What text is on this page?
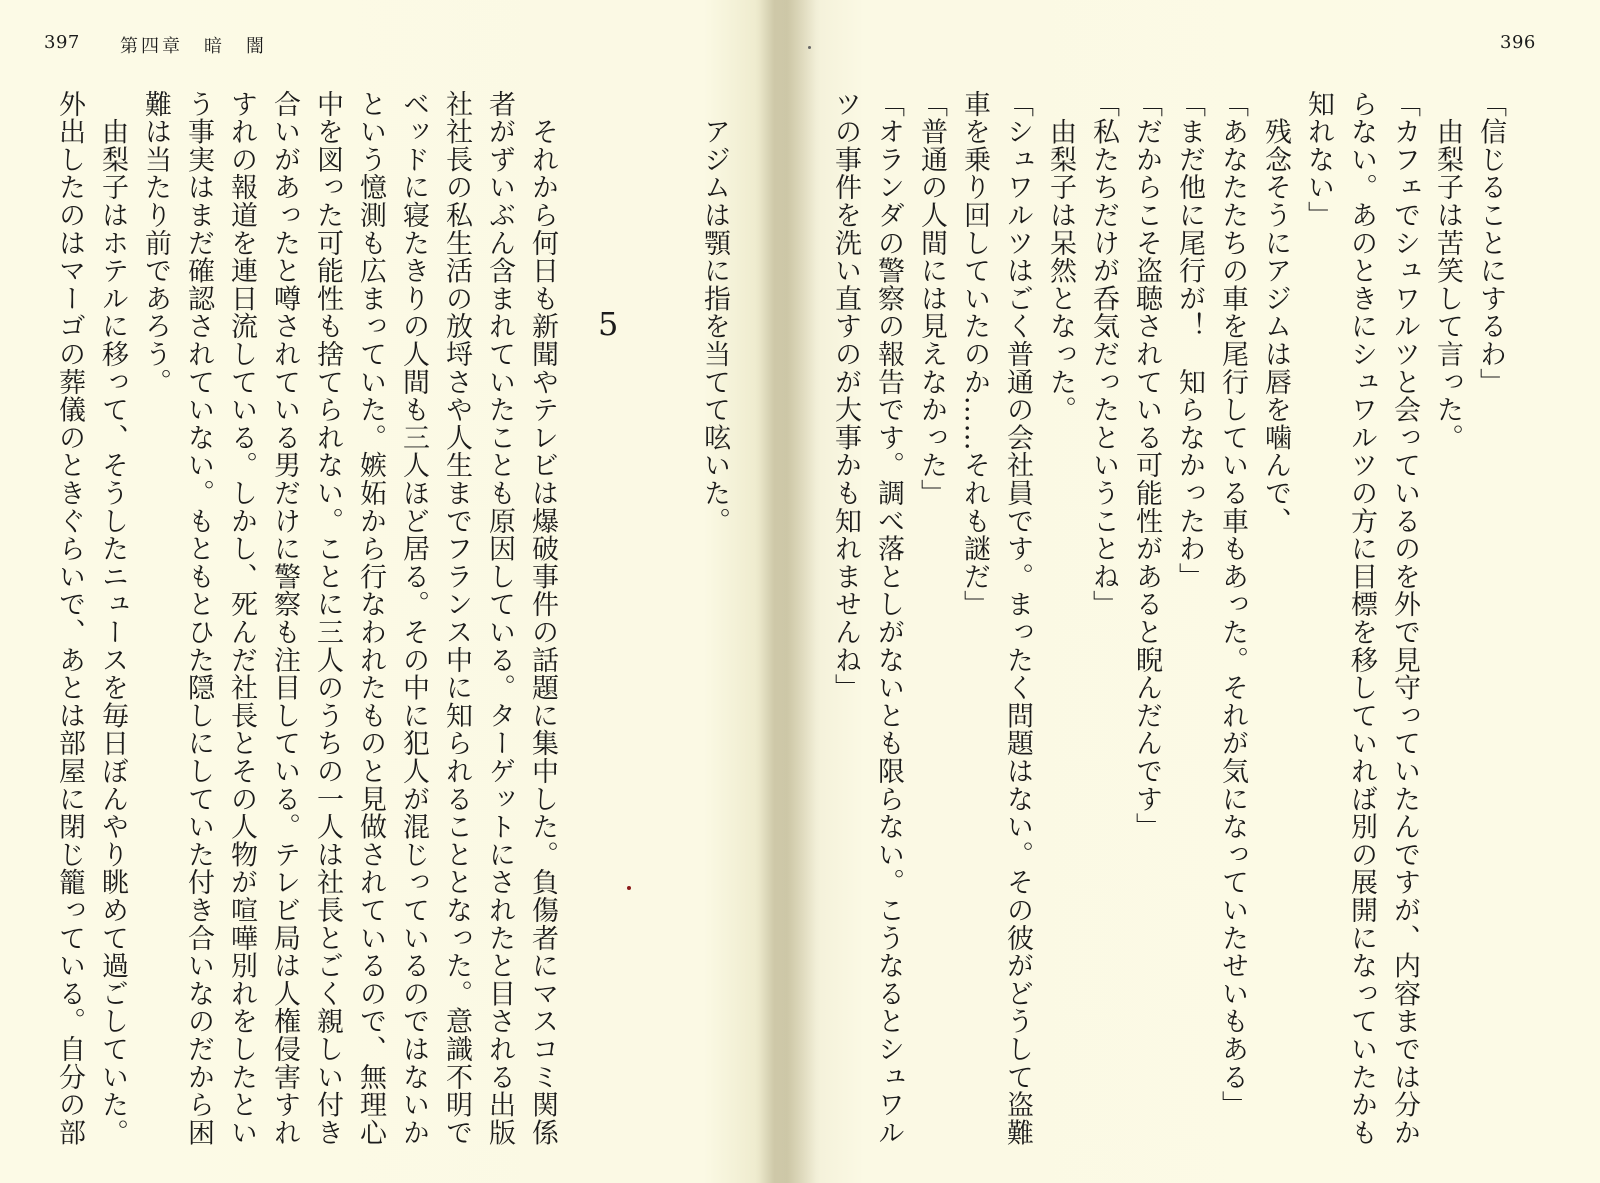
397 第四章　暗　闇	396
「信じることにするわ」
　由梨子は苦笑して言った。
「カフェでシュワルツと会っているのを外で見守っていたんですが、内容までは分か
らない。あのときにシュワルツの方に目標を移していれば別の展開になっていたかも
知れない」
　残念そうにアジムは唇を噛んで、
「あなたたちの車を尾行している車もあった。それが気になっていたせいもある」
「まだ他に尾行が！　知らなかったわ」
「だからこそ盗聴されている可能性があると睨んだんです」
「私たちだけが呑気だったということね」
　由梨子は呆然となった。
「シュワルツはごく普通の会社員です。まったく問題はない。その彼がどうして盗難
車を乗り回していたのか……それも謎だ」
「普通の人間には見えなかった」
「オランダの警察の報告です。調べ落としがないとも限らない。こうなるとシュワル
ツの事件を洗い直すのが大事かも知れませんね」
　アジムは顎に指を当てて呟いた。
5
　それから何日も新聞やテレビは爆破事件の話題に集中した。負傷者にマスコミ関係
者がずいぶん含まれていたことも原因している。ターゲットにされたと目される出版
社社長の私生活の放埒さや人生までフランス中に知られることとなった。意識不明で
ベッドに寝たきりの人間も三人ほど居る。その中に犯人が混じっているのではないか
という憶測も広まっていた。嫉妬から行なわれたものと見做されているので、無理心
中を図った可能性も捨てられない。ことに三人のうちの一人は社長とごく親しい付き
合いがあったと噂されている男だけに警察も注目している。テレビ局は人権侵害すれ
すれの報道を連日流している。しかし、死んだ社長とその人物が喧嘩別れをしたとい
う事実はまだ確認されていない。もともとひた隠しにしていた付き合いなのだから困
難は当たり前であろう。
　由梨子はホテルに移って、そうしたニュースを毎日ぼんやり眺めて過ごしていた。
外出したのはマーゴの葬儀のときぐらいで、あとは部屋に閉じ籠っている。自分の部
